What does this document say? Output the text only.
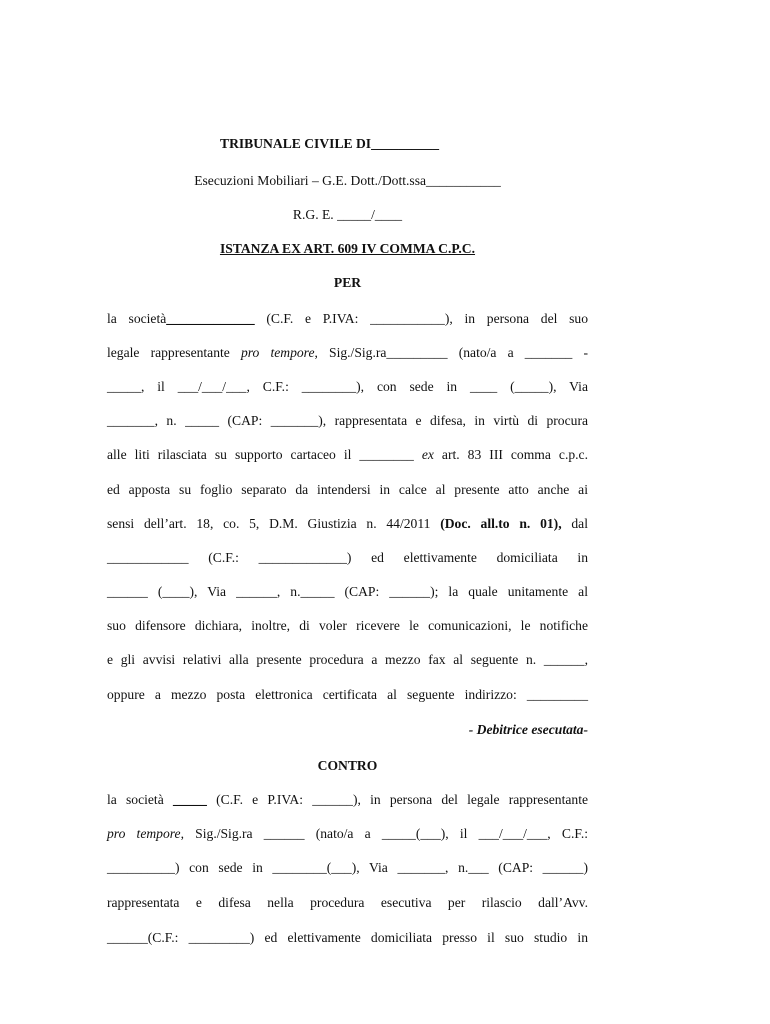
TRIBUNALE CIVILE DI__________
Esecuzioni Mobiliari – G.E. Dott./Dott.ssa___________
R.G. E. _____/____
ISTANZA EX ART. 609 IV COMMA C.P.C.
PER
la società_____________ (C.F. e P.IVA: ___________), in persona del suo
legale rappresentante pro tempore, Sig./Sig.ra_________ (nato/a a _______ -
_____, il ___/___/___, C.F.: ________), con sede in ____ (_____), Via
_______, n. _____ (CAP: _______), rappresentata e difesa, in virtù di procura
alle liti rilasciata su supporto cartaceo il ________ ex art. 83 III comma c.p.c.
ed apposta su foglio separato da intendersi in calce al presente atto anche ai
sensi dell’art. 18, co. 5, D.M. Giustizia n. 44/2011 (Doc. all.to n. 01), dal
____________ (C.F.: _____________) ed elettivamente domiciliata in
______ (____), Via ______, n._____ (CAP: ______); la quale unitamente al
suo difensore dichiara, inoltre, di voler ricevere le comunicazioni, le notifiche
e gli avvisi relativi alla presente procedura a mezzo fax al seguente n. ______,
oppure a mezzo posta elettronica certificata al seguente indirizzo: _________
- Debitrice esecutata-
CONTRO
la società _____ (C.F. e P.IVA: ______), in persona del legale rappresentante
pro tempore, Sig./Sig.ra ______ (nato/a a _____(___), il ___/___/___, C.F.:
__________) con sede in ________(___), Via _______, n.___ (CAP: ______)
rappresentata e difesa nella procedura esecutiva per rilascio dall’Avv.
______(C.F.: _________) ed elettivamente domiciliata presso il suo studio in
